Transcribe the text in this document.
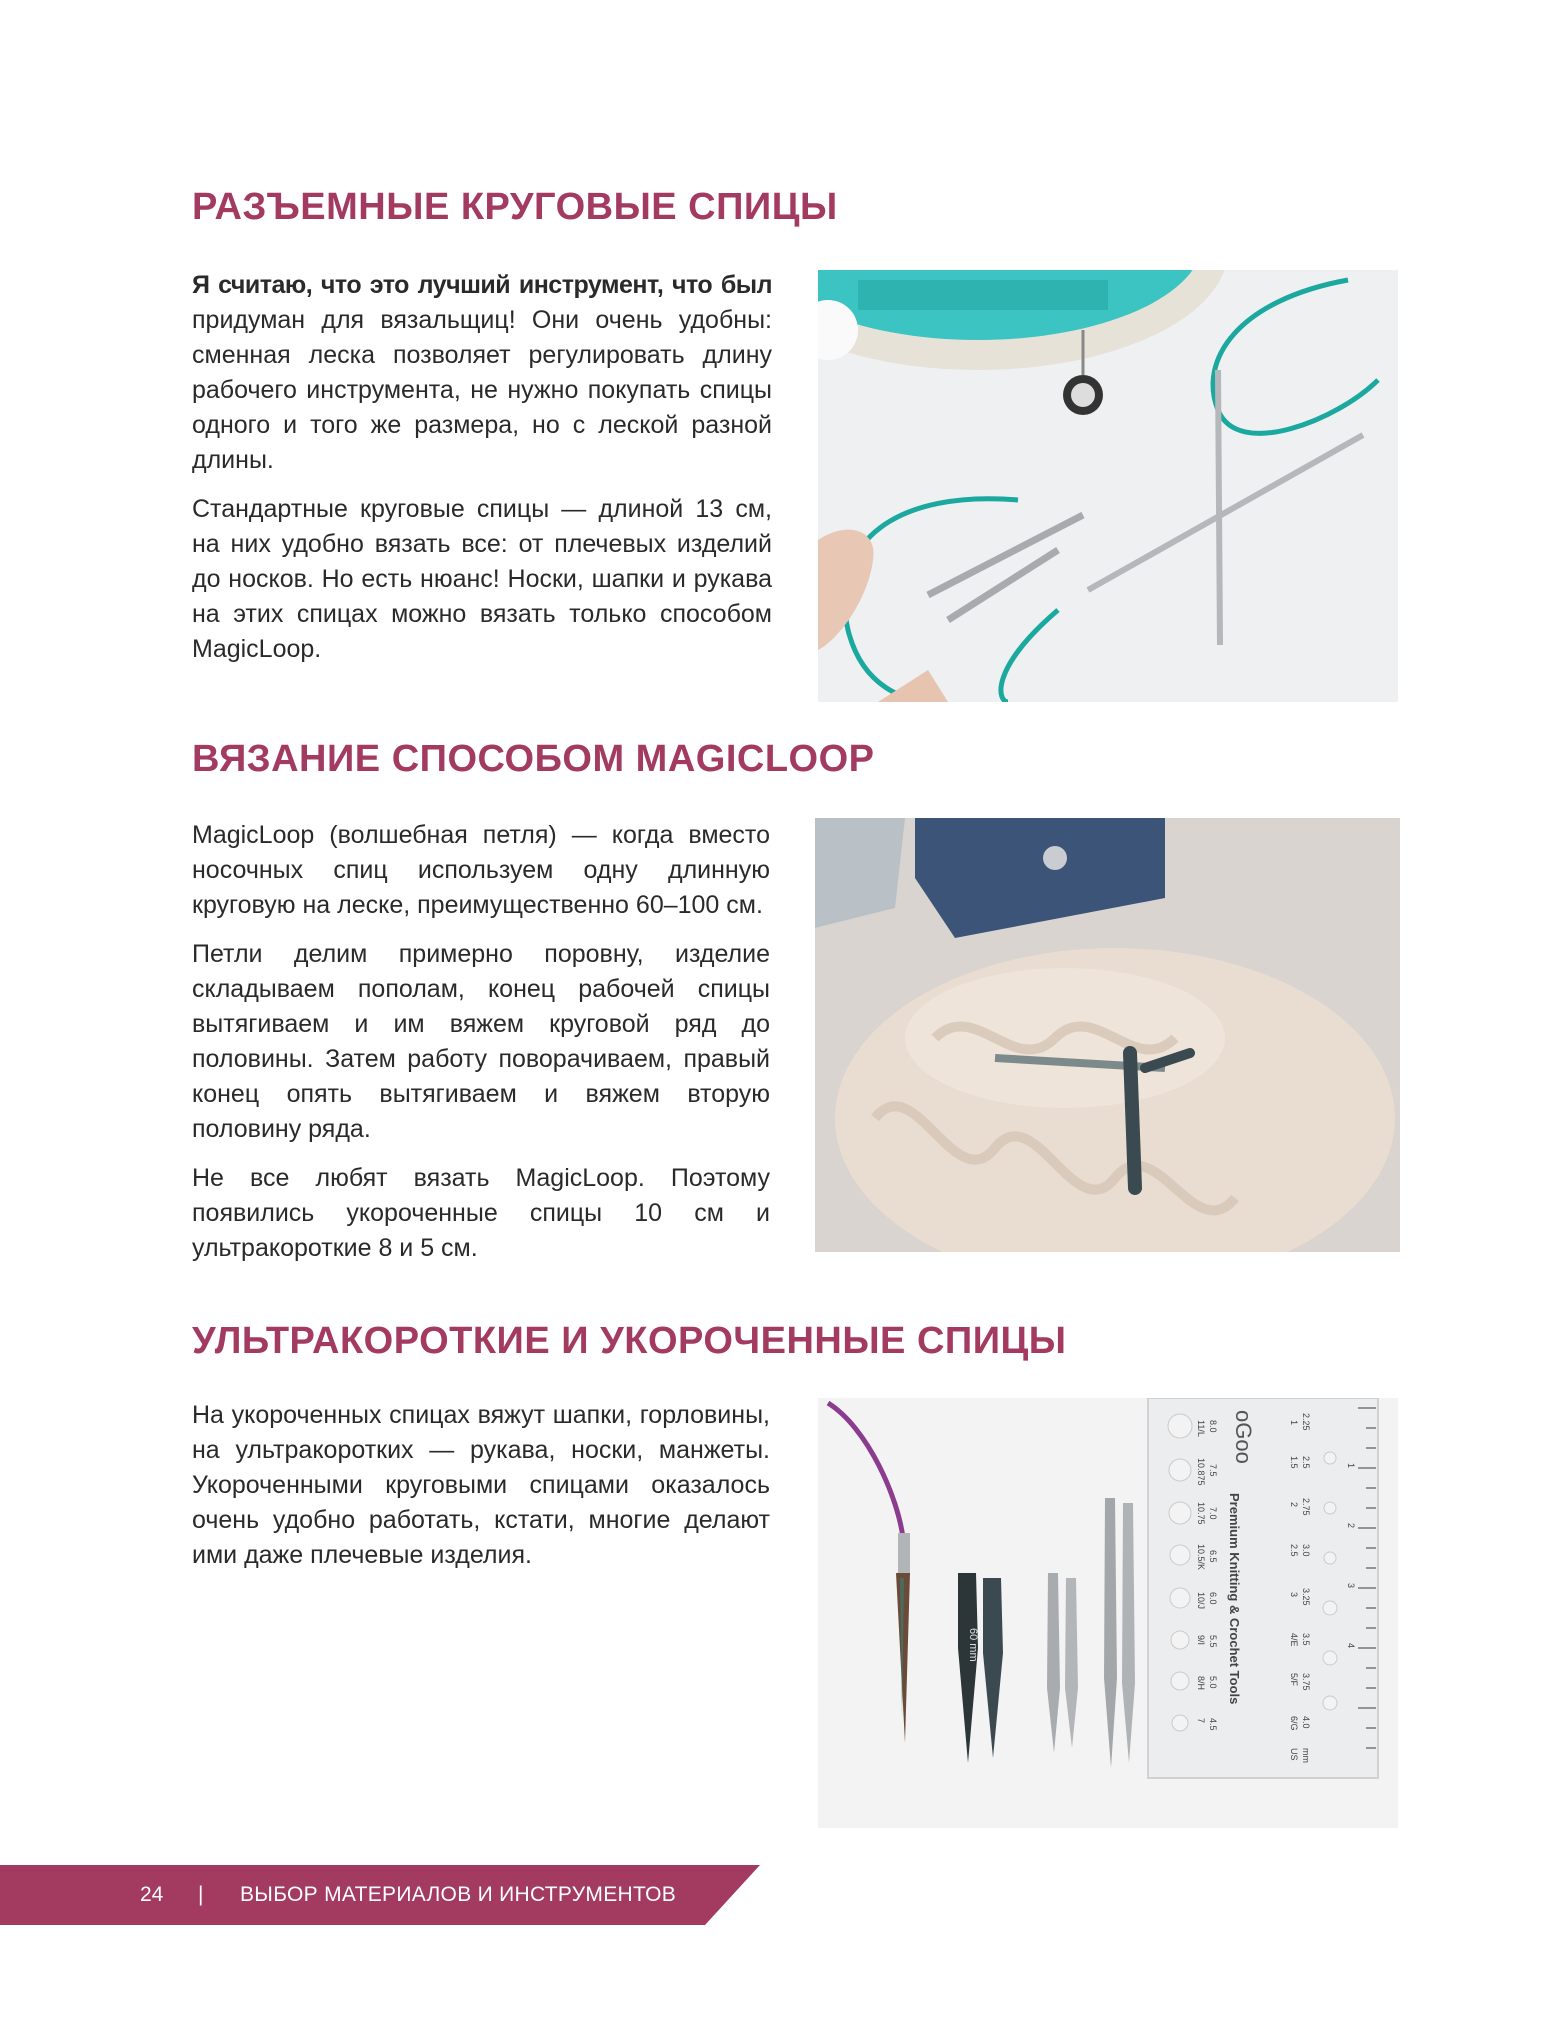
РАЗЪЕМНЫЕ КРУГОВЫЕ СПИЦЫ

Я считаю, что это лучший инструмент, что был придуман для вязальщиц! Они очень удобны: сменная леска позволяет регулировать длину рабочего инструмента, не нужно покупать спицы одного и того же размера, но с леской разной длины.

Стандартные круговые спицы — длиной 13 см, на них удобно вязать все: от плечевых изделий до носков. Но есть нюанс! Носки, шапки и рукава на этих спицах можно вязать только способом MagicLoop.

ВЯЗАНИЕ СПОСОБОМ MAGICLOOP

MagicLoop (волшебная петля) — когда вместо носочных спиц используем одну длинную круговую на леске, преимущественно 60–100 см.

Петли делим примерно поровну, изделие складываем пополам, конец рабочей спицы вытягиваем и им вяжем круговой ряд до половины. Затем работу поворачиваем, правый конец опять вытягиваем и вяжем вторую половину ряда.

Не все любят вязать MagicLoop. Поэтому появились укороченные спицы 10 см и ультракороткие 8 и 5 см.

УЛЬТРАКОРОТКИЕ И УКОРОЧЕННЫЕ СПИЦЫ

На укороченных спицах вяжут шапки, горловины, на ультракоротких — рукава, носки, манжеты. Укороченными круговыми спицами оказалось очень удобно работать, кстати, многие делают ими даже плечевые изделия.

60 mm
oGoo
Premium Knitting & Crochet Tools
8.0
11/L
7.5
10.875
7.0
10.75
6.5
10.5/K
6.0
10/J
5.5
9/I
5.0
8/H
4.5
7
2.25
1
2.5
1.5
2.75
2
3.0
2.5
3.25
3
3.5
4/E
3.75
5/F
4.0
6/G
mm
US
1
2
3
4
24 | ВЫБОР МАТЕРИАЛОВ И ИНСТРУМЕНТОВ
